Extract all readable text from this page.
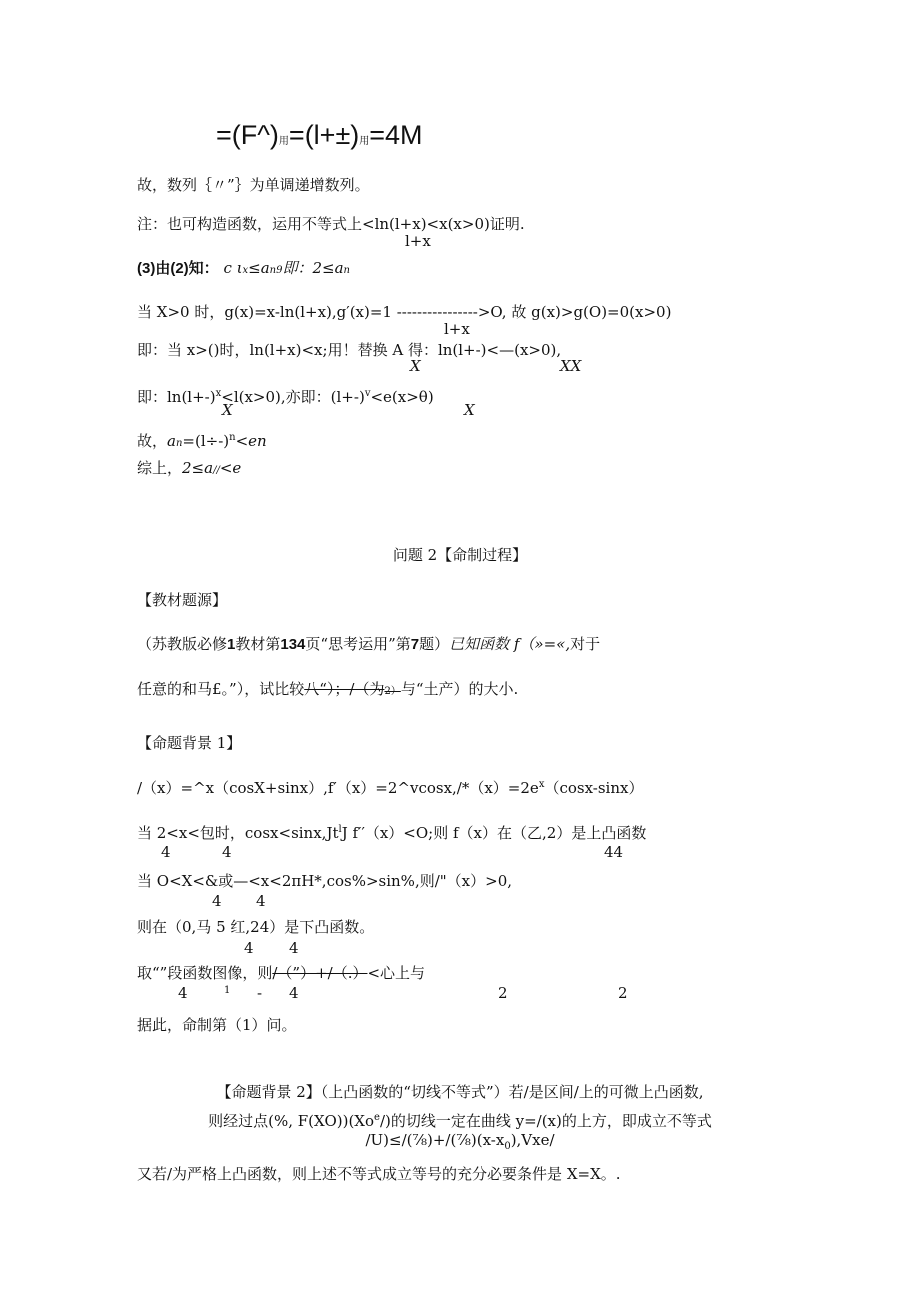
=(F^)用=(l+±)用=4M
故，数列｛〃”｝为单调递增数列。
注：也可构造函数，运用不等式上<ln(l+x)<x(x>0)证明.
l+x
(3)由(2)知： c ιx≤an9即：2≤an
当 X>0 时，g(x)=x-ln(l+x),g′(x)=1 ---------------->O, 故 g(x)>g(O)=0(x>0)
l+x
即：当 x>()时，ln(l+x)<x;用！替换 A 得：ln(l+-)<—(x>0),
X	XX
即：$\ln(l+-)^x<l(x>0)$,亦即：$(l+-)^v<e(x>\theta)$
X	X
故，$an=(l\div-)^n<en$
综上，2≤a//<e
问题 2【命制过程】
【教材题源】
（苏教版必修1教材第134页“思考运用”第7题）已知函数 f（»=«,对于
任意的和马£。”），试比较八“）；/（为2）与“土产）的大小.
【命题背景 1】
$/(x)=\^{}x(\cos X+\sin x),f'(x)=2\^{}vcosx,/*(x)=2e^x(\cos x-\sin x)$
当 2<x<包时，$\cos x<\sin x,Jt^lJ$ f′′（x）<O;则 f（x）在（乙,2）是上凸函数
4	4	44
当 O<X<&或—<x<2πH*,cos%>sin%,则/"（x）>0,
4 4
则在（0,马 5 红,24）是下凸函数。
4 4
取“”段函数图像，则/（”）+/（.）<心上与
4	1 - 4	2	2
据此，命制第（1）问。
【命题背景 2】（上凸函数的“切线不等式”）若/是区间/上的可微上凸函数,
则经过点(%, F(XO))(Xo$^e$/)的切线一定在曲线 y=/(x)的上方，即成立不等式
$/U)\le/(\frac{7}{8})+/(\frac{7}{8})(x-x_0),Vxe/$
又若/为严格上凸函数，则上述不等式成立等号的充分必要条件是 X=X。.
